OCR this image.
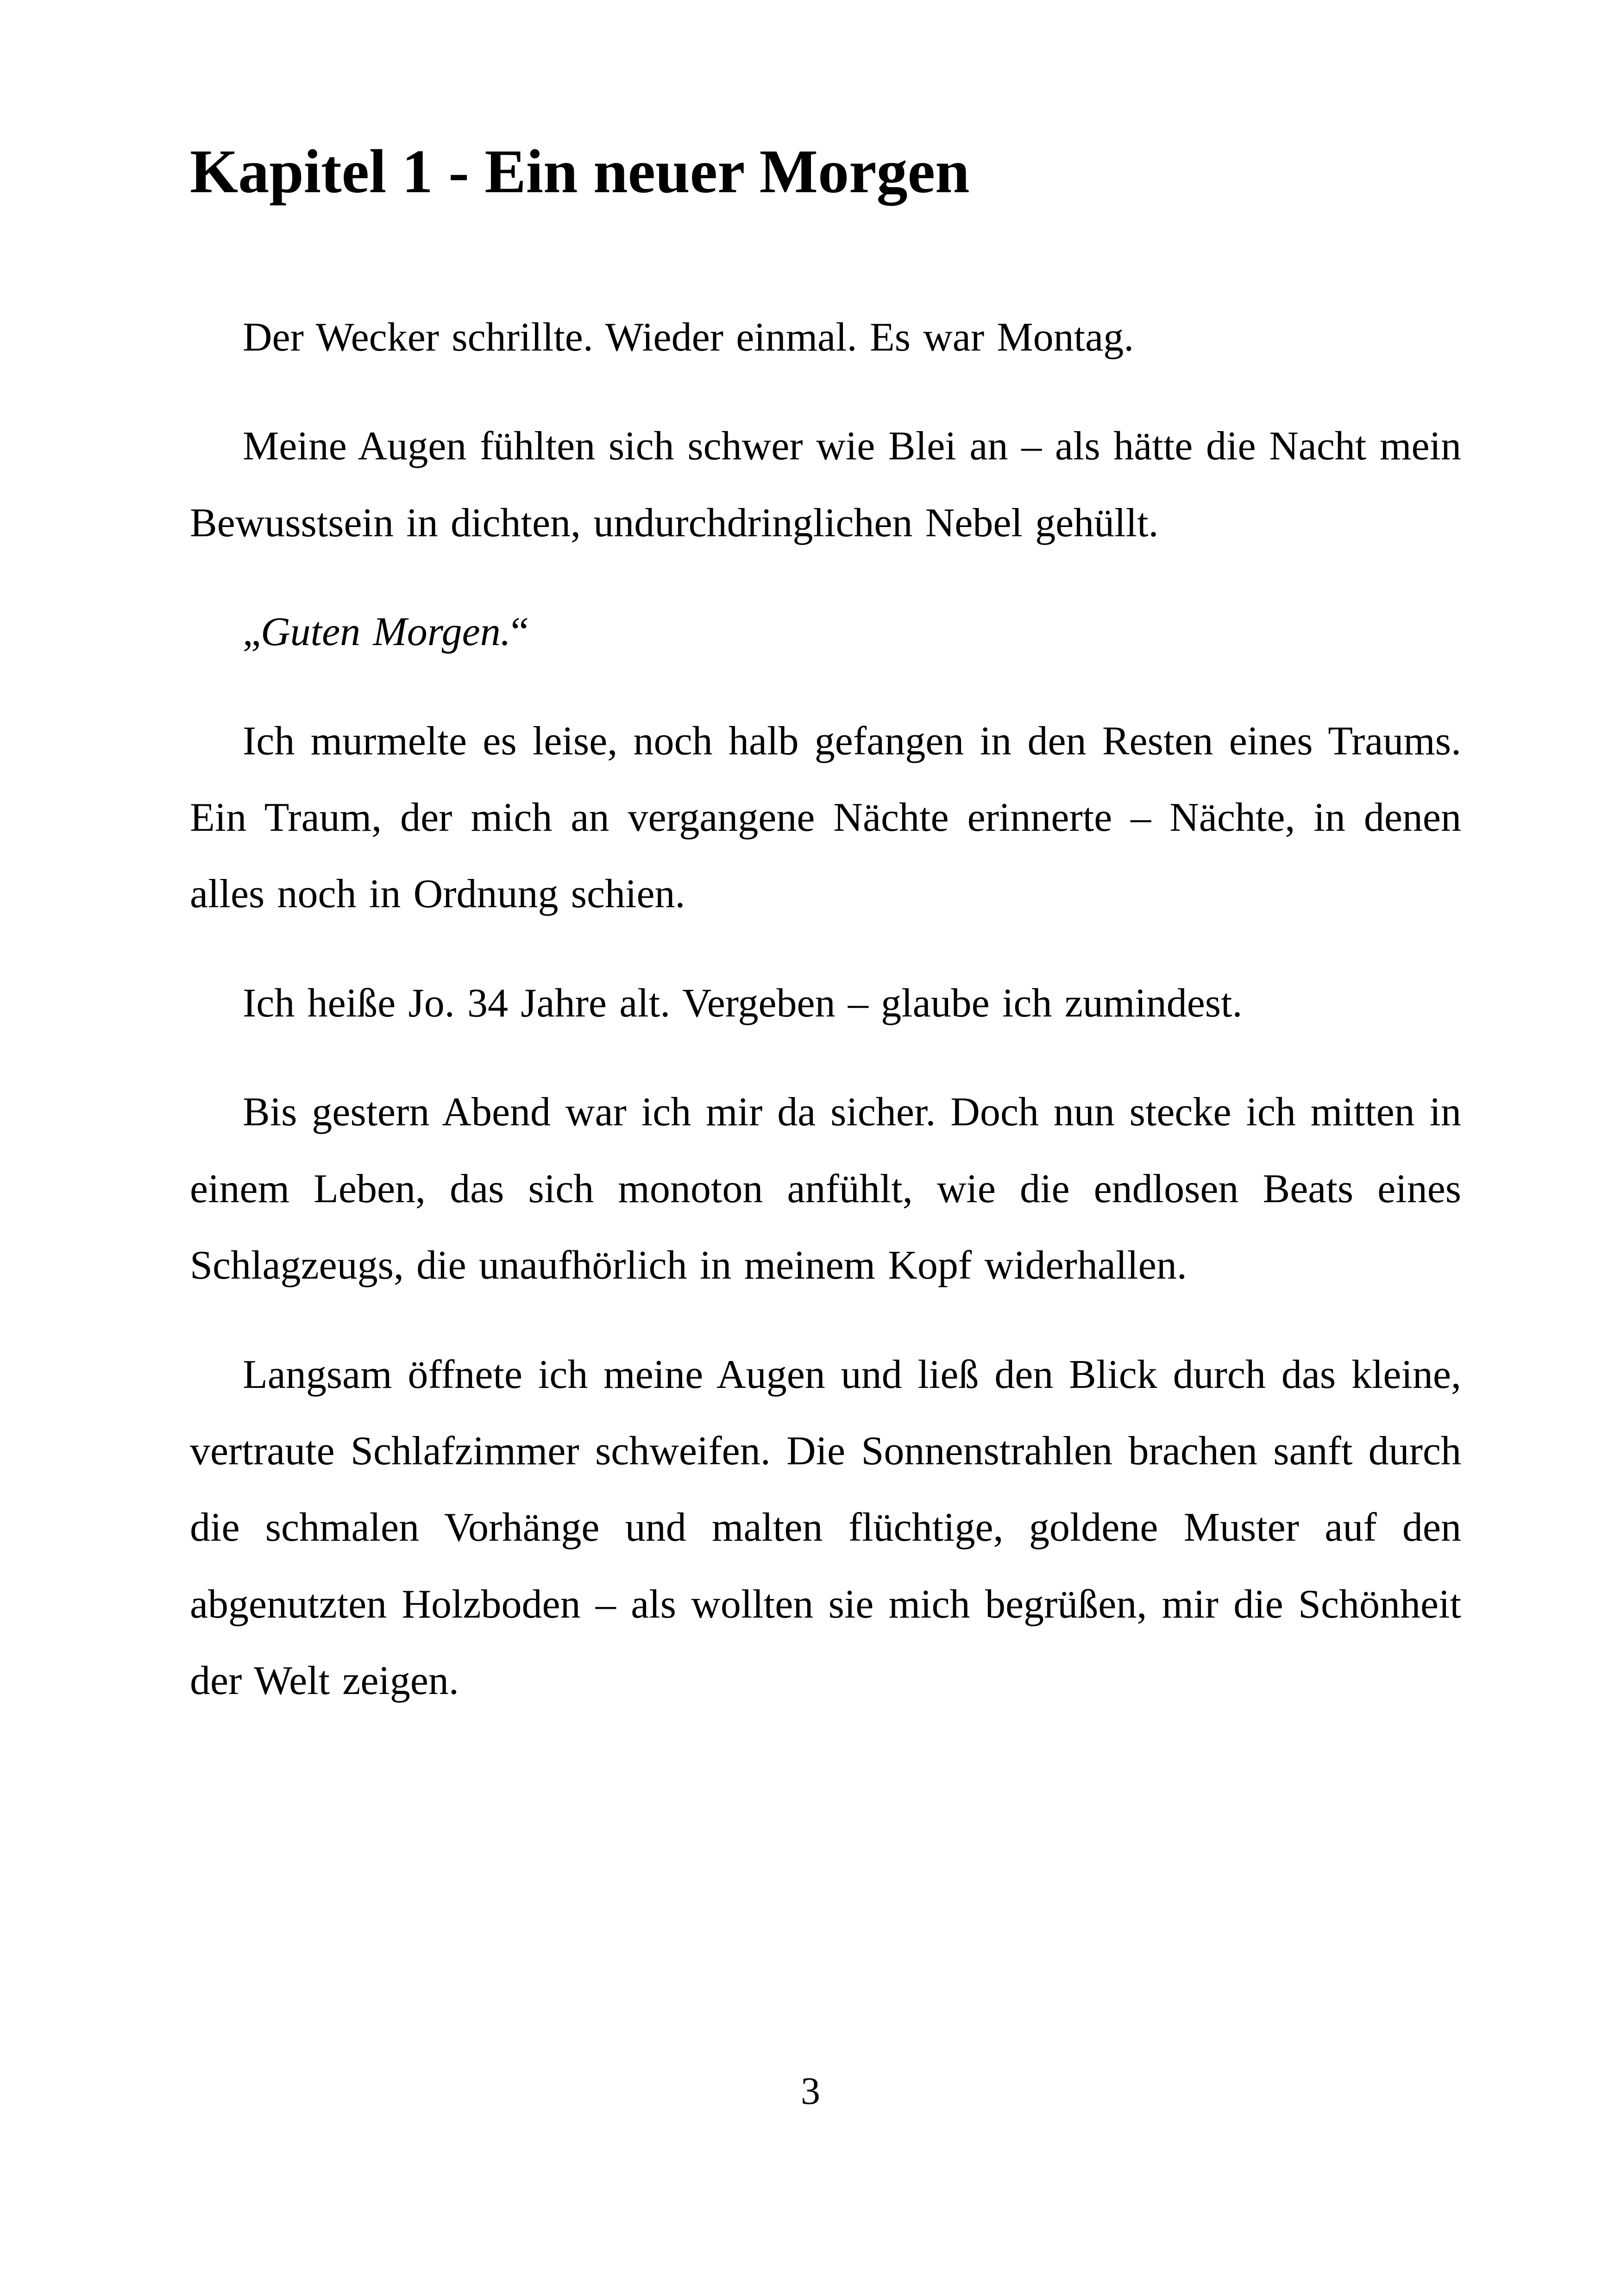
Kapitel 1 - Ein neuer Morgen

Der Wecker schrillte. Wieder einmal. Es war Montag.

Meine Augen fühlten sich schwer wie Blei an – als hätte die Nacht mein Bewusstsein in dichten, undurchdringlichen Nebel gehüllt.

„Guten Morgen.“

Ich murmelte es leise, noch halb gefangen in den Resten eines Traums. Ein Traum, der mich an vergangene Nächte erinnerte – Nächte, in denen alles noch in Ordnung schien.

Ich heiße Jo. 34 Jahre alt. Vergeben – glaube ich zumindest.

Bis gestern Abend war ich mir da sicher. Doch nun stecke ich mitten in einem Leben, das sich monoton anfühlt, wie die endlosen Beats eines Schlagzeugs, die unaufhörlich in meinem Kopf widerhallen.

Langsam öffnete ich meine Augen und ließ den Blick durch das kleine, vertraute Schlafzimmer schweifen. Die Sonnenstrahlen brachen sanft durch die schmalen Vorhänge und malten flüchtige, goldene Muster auf den abgenutzten Holzboden – als wollten sie mich begrüßen, mir die Schönheit der Welt zeigen.

3
